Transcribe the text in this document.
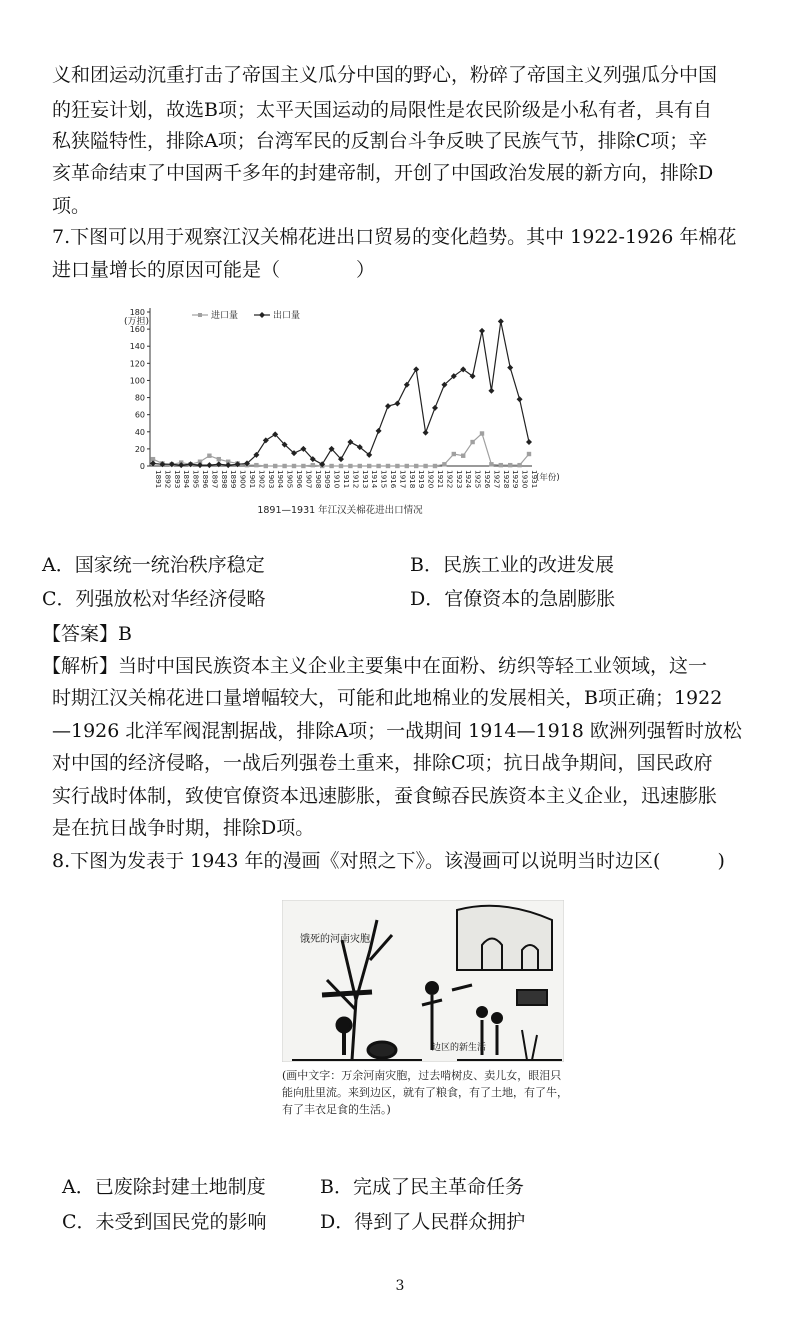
义和团运动沉重打击了帝国主义瓜分中国的野心，粉碎了帝国主义列强瓜分中国
的狂妄计划，故选B项；太平天国运动的局限性是农民阶级是小私有者，具有自
私狭隘特性，排除A项；台湾军民的反割台斗争反映了民族气节，排除C项；辛
亥革命结束了中国两千多年的封建帝制，开创了中国政治发展的新方向，排除D
项。
7.下图可以用于观察江汉关棉花进出口贸易的变化趋势。其中 1922-1926 年棉花
进口量增长的原因可能是（　　　　）
0
20
40
60
80
100
120
140
160
180
(万担)
1891 1892 1893 1894 1895 1896 1897 1898 1899 1900 1901 1902 1903 1904 1905 1906 1907 1908 1909 1910 1911 1912 1913 1914 1915 1916 1917 1918 1919 1920 1921 1922 1923 1924 1925 1926 1927 1928 1929 1930 1931
(年份)
1891—1931 年江汉关棉花进出口情况
进口量	出口量
A．国家统一统治秩序稳定	B．民族工业的改进发展
C．列强放松对华经济侵略	D．官僚资本的急剧膨胀
【答案】B
【解析】当时中国民族资本主义企业主要集中在面粉、纺织等轻工业领域，这一
时期江汉关棉花进口量增幅较大，可能和此地棉业的发展相关，B项正确；1922
—1926 北洋军阀混割据战，排除A项；一战期间 1914—1918 欧洲列强暂时放松
对中国的经济侵略，一战后列强卷土重来，排除C项；抗日战争期间，国民政府
实行战时体制，致使官僚资本迅速膨胀，蚕食鲸吞民族资本主义企业，迅速膨胀
是在抗日战争时期，排除D项。
8.下图为发表于 1943 年的漫画《对照之下》。该漫画可以说明当时边区(　　　)
饿死的河南灾胞
边区的新生活
(画中文字：万余河南灾胞，过去啃树皮、卖儿女，眼泪只
能向肚里流。来到边区，就有了粮食，有了土地，有了牛，
有了丰衣足食的生活。)
A．已废除封建土地制度	B．完成了民主革命任务
C．未受到国民党的影响	D．得到了人民群众拥护
3
